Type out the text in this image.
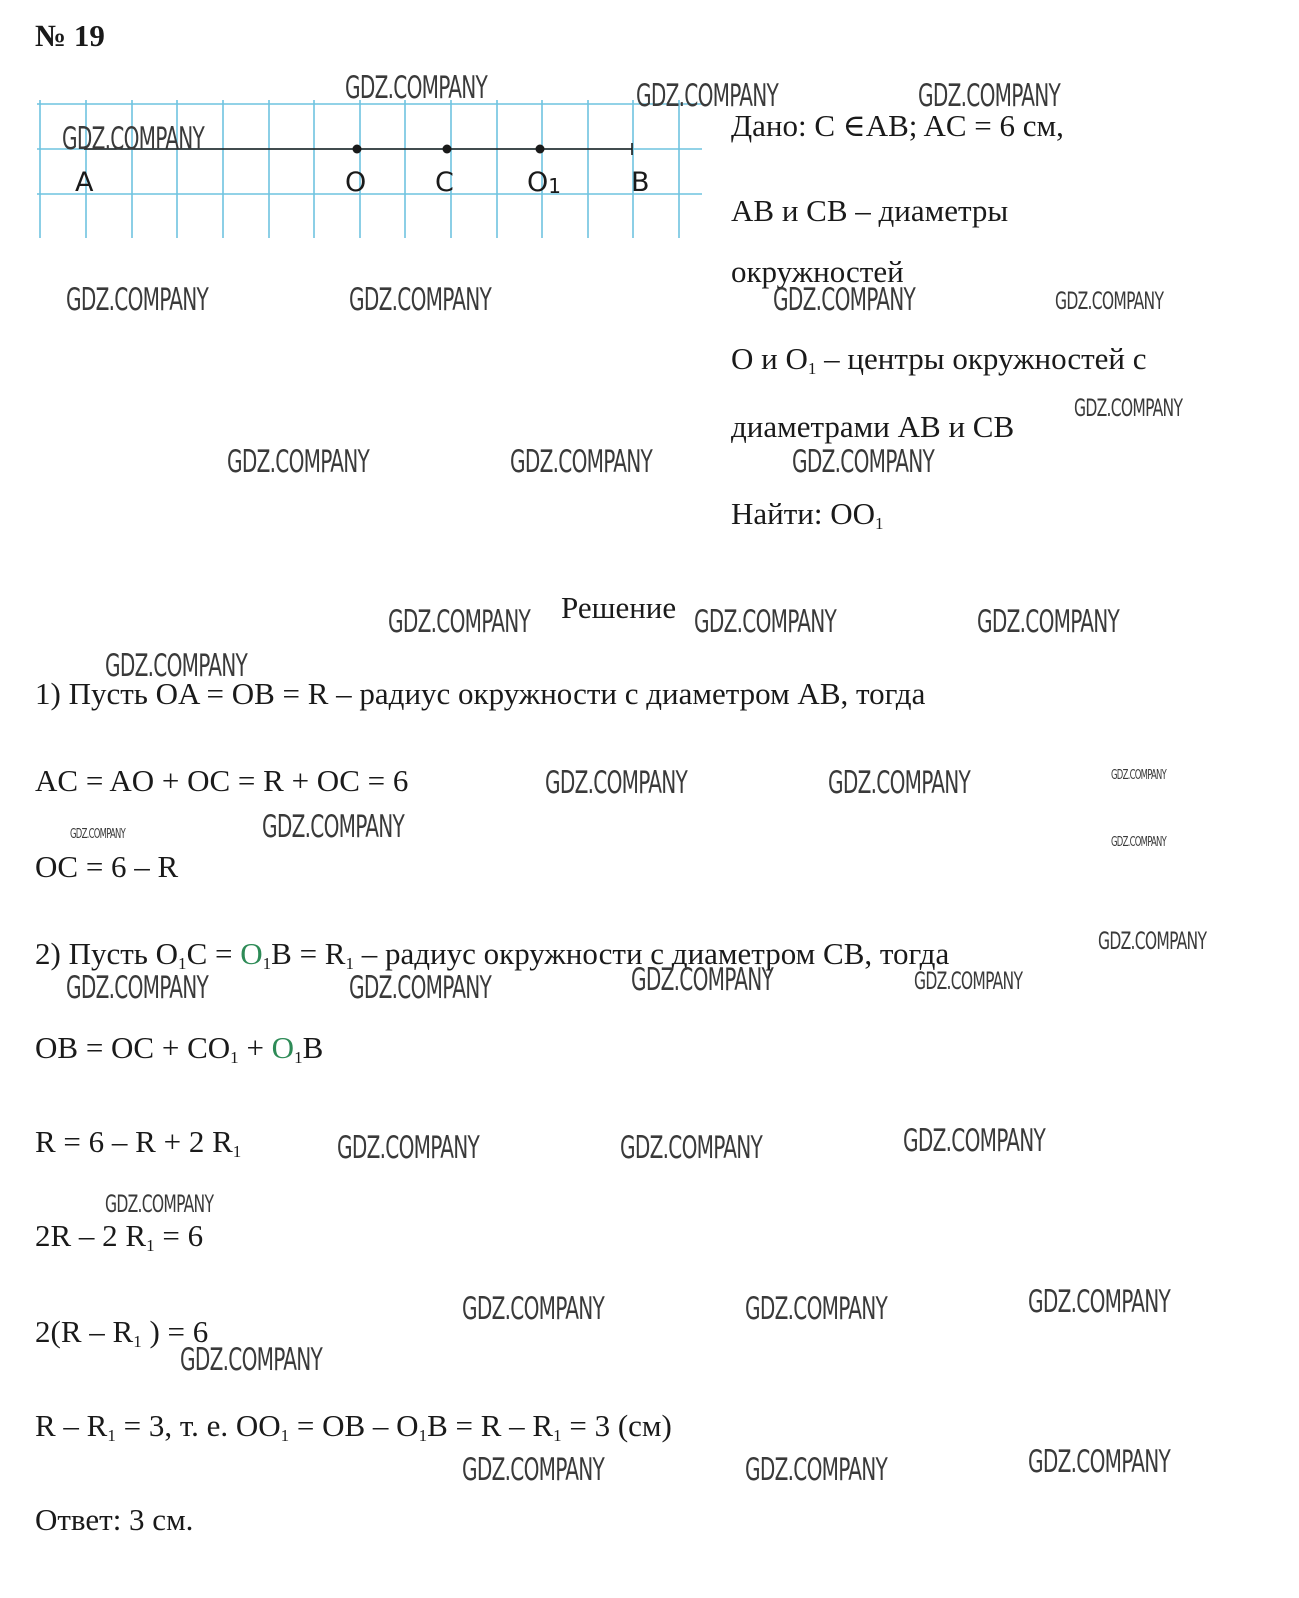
№ 19
A	O	C	O1	B
Дано: C ∈AB; AC = 6 см,
AB и CB – диаметры
окружностей
O и $O_1$ – центры окружностей с
диаметрами AB и CB
Найти: $OO_1$
Решение
1) Пусть OA = OB = R – радиус окружности с диаметром AB, тогда
AC = AO + OC = R + OC = 6
OC = 6 – R
2) Пусть $O_1C = O_1B = R_1$ – радиус окружности с диаметром CB, тогда
OB = OC + $CO_1 + O_1B$
R = 6 – R + 2 $R_1$
2R – 2 $R_1 = 6$
$2(R - R_1$ ) = 6
$R - R_1 = 3$, т. е. $OO_1$ = OB – $O_1B = R - R_1 = 3$ (см)
Ответ: 3 см.
GDZ.COMPANY	GDZ.COMPANY	GDZ.COMPANY
GDZ.COMPANY
GDZ.COMPANY	GDZ.COMPANY	GDZ.COMPANY	GDZ.COMPANY
GDZ.COMPANY
GDZ.COMPANY	GDZ.COMPANY	GDZ.COMPANY
GDZ.COMPANY	GDZ.COMPANY	GDZ.COMPANY
GDZ.COMPANY
GDZ.COMPANY	GDZ.COMPANY	GDZ.COMPANY
GDZ.COMPANY
GDZ.COMPANY
GDZ.COMPANY
GDZ.COMPANY
GDZ.COMPANY
GDZ.COMPANY
GDZ.COMPANY	GDZ.COMPANY
GDZ.COMPANY	GDZ.COMPANY	GDZ.COMPANY
GDZ.COMPANY
GDZ.COMPANY	GDZ.COMPANY	GDZ.COMPANY
GDZ.COMPANY
GDZ.COMPANY	GDZ.COMPANY	GDZ.COMPANY
